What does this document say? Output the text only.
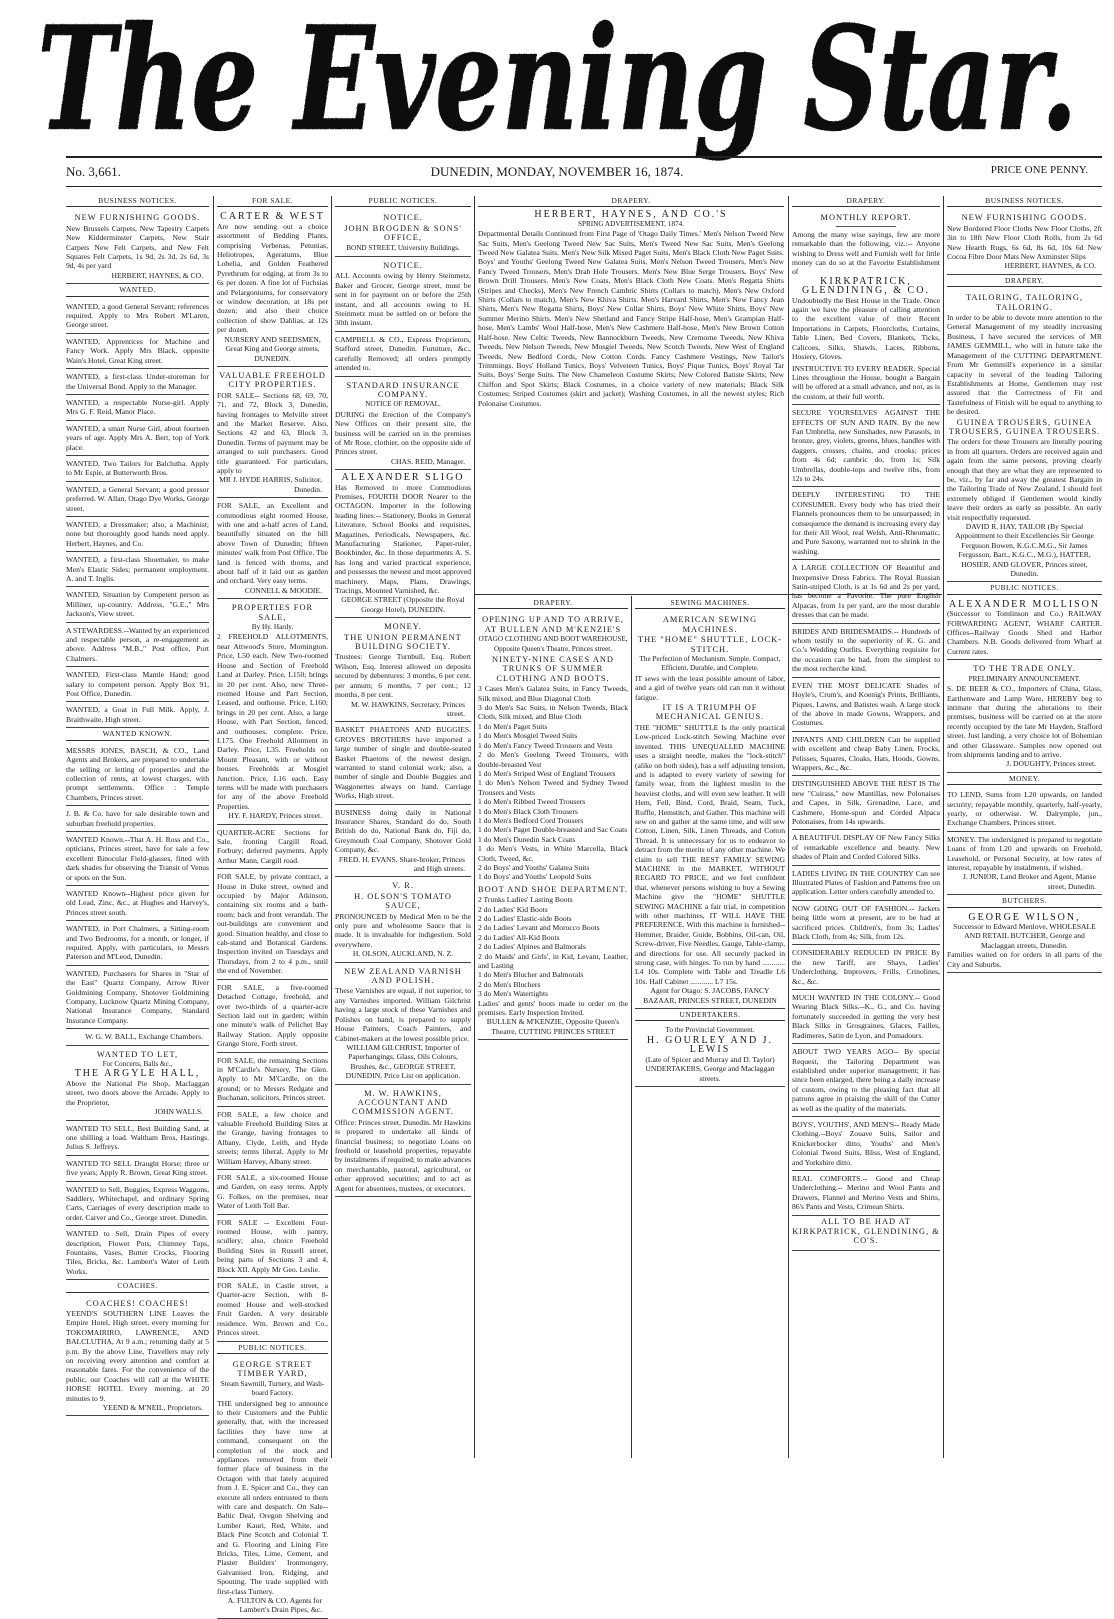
The Evening Star.
No. 3,661.	DUNEDIN, MONDAY, NOVEMBER 16, 1874.	PRICE ONE PENNY.
BUSINESS NOTICES.
NEW FURNISHING GOODS.

New Brussels Carpets, New Tapestry Carpets New Kidderminster Carpets, New Stair Carpets New Felt Carpets, and New Felt Squares Felt Carpets, 1s 9d, 2s 3d, 2s 6d, 3s 9d, 4s per yard

HERBERT, HAYNES, & CO.
WANTED.

WANTED, a good General Servant; references required. Apply to Mrs Robert M'Laren, George street.

WANTED, Apprentices for Machine and Fancy Work. Apply Mrs Black, opposite Wain's Hotel, Great King street.

WANTED, a first-class Under-storeman for the Universal Bond. Apply to the Manager.

WANTED, a respectable Nurse-girl. Apply Mrs G. F. Reid, Manor Place.

WANTED, a smart Nurse Girl, about fourteen years of age. Apply Mrs A. Bert, top of York place.

WANTED, Two Tailors for Balclutha. Apply to Mr Espie, at Butterworth Bros.

WANTED, a General Servant; a good pressor preferred. W. Allan, Otago Dye Works, George street.

WANTED, a Dressmaker; also, a Machinist; none but thoroughly good hands need apply. Herbert, Haynes, and Co.

WANTED, a first-class Shoemaker, to make Men's Elastic Sides; permanent employment. A. and T. Inglis.

WANTED, Situation by Competent person as Milliner, up-country. Address, "G.E.," Mrs Jackson's, View street.

A STEWARDESS.--Wanted by an experienced and respectable person, a re-engagement as above. Address "M.B.," Post office, Port Chalmers.

WANTED, First-class Mantle Hand; good salary to competent person. Apply Box 91, Post Office, Dunedin.

WANTED, a Goat in Full Milk. Apply, J. Braithwaite, High street.

WANTED KNOWN.

MESSRS JONES, BASCH, & CO., Land Agents and Brokers, are prepared to undertake the selling or letting of properties and the collection of rents, at lowest charges, with prompt settlements. Office : Temple Chambers, Princes street.

J. B. & Co. have for sale desirable town and suburban freehold properties.

WANTED Known.--That A. H. Ross and Co., opticians, Princes street, have for sale a few excellent Binocular Field-glasses, fitted with dark shades for observing the Transit of Venus or spots on the Sun.

WANTED Known--Highest price given for old Lead, Zinc, &c., at Hughes and Harvey's, Princes street south.

WANTED, in Port Chalmers, a Sitting-room and Two Bedrooms, for a month, or longer, if required. Apply, with particulars, to Messrs Paterson and M'Leod, Dunedin.

WANTED, Purchasers for Shares in "Star of the East" Quartz Company, Arrow River Goldmining Company, Shotover Goldmining Company, Lucknow Quartz Mining Company, National Insurance Company, Standard Insurance Company.

W. G. W. BALL, Exchange Chambers.
WANTED TO LET,
For Concerts, Balls &c.,
THE ARGYLE HALL,

Above the National Pie Shop, Maclaggan street, two doors above the Arcade. Apply to the Proprietor,

JOHN WALLS.

WANTED TO SELL, Best Building Sand, at one shilling a load. Waltham Bros, Hastings. Julius S. Jeffreys.

WANTED TO SELL Draught Horse; three or five years; Apply R. Brown, Great King street.

WANTED to Sell, Buggies, Express Waggons, Saddlery, Whitechapel, and ordinary Spring Carts, Carriages of every description made to order. Carver and Co., George street. Dunedin.

WANTED to Sell, Drain Pipes of every description, Flower Pots, Chimney Tops, Fountains, Vases, Butter Crocks, Flooring Tiles, Bricks, &c. Lambert's Water of Leith Works.

COACHES.
COACHES! COACHES!

YEEND'S SOUTHERN LINE Leaves the Empire Hotel, High street, every morning for TOKOMAIRIRO, LAWRENCE, AND BALCLUTHA, At 9 a.m.; returning daily at 5 p.m. By the above Line, Travellers may rely on receiving every attention and comfort at reasonable fares. For the convenience of the public, our Coaches will call at the WHITE HORSE HOTEL Every morning, at 20 minutes to 9.

YEEND & M'NEIL, Proprietors.
FOR SALE.
CARTER & WEST

Are now sending out a choice assortment of Bedding Plants, comprising Verbenas, Petunias, Heliotropes, Ageratums, Blue Lobelia, and Golden Feathered Pyrethrum for edging, at from 3s to 6s per dozen. A fine lot of Fuchsias and Pelargoniums, for conservatory or window decoration, at 18s per dozen; and also their choice collection of show Dahlias, at 12s per dozen.

NURSERY AND SEEDSMEN, Great King and George streets, DUNEDIN.
VALUABLE FREEHOLD CITY PROPERTIES.

FOR SALE-- Sections 68, 69, 70, 71, and 72, Block 3, Dunedin, having frontages to Melville street and the Market Reserve. Also, Sections 42 and 63, Block 3, Dunedin. Terms of payment may be arranged to suit purchasers. Good title guaranteed. For particulars, apply to

MR J. HYDE HARRIS, Solicitor, Dunedin.

FOR SALE, an Excellent and commodious eight roomed House, with one and a-half acres of Land, beautifully situated on the hill above Town of Dunedin; fifteen minutes' walk from Post Office. The land is fenced with thorns, and about half of it laid out as garden and orchard. Very easy terms.

CONNELL & MOODIE.
PROPERTIES FOR SALE,
By Hy. Hardy.

2 FREEHOLD ALLOTMENTS, near Attwood's Store, Mornington. Price, L50 each. New Two-roomed House and Section of Freehold Land at Darley. Price, L150; brings in 20 per cent. Also, new Three-roomed House and Part Section, Leased, and outhouse. Price, L160; brings in 20 per cent. Also, a large House, with Part Section, fenced, and outhouses, complete. Price, L175. One Freehold Allotment in Darley. Price, L35. Freeholds on Mount Pleasant, with or without houses. Freeholds at Mosgiel Junction. Price, L16 each. Easy terms will be made with purchasers for any of the above Freehold Properties.

HY. F. HARDY, Princes street.

QUARTER-ACRE Sections for Sale, fronting Cargill Road, Forbury; deferred payments. Apply Arthur Mann, Cargill road.

FOR SALE, by private contract, a House in Duke street, owned and occupied by Major Atkinson, containing six rooms and a bath-room; back and front verandah. The out-buildings are convenient and good. Situation healthy, and close to cab-stand and Botanical Gardens. Inspection invited on Tuesdays and Thursdays, from 2 to 4 p.m., until the end of November.

FOR SALE, a five-roomed Detached Cottage, freehold, and over two-thirds of a quarter-acre Section laid out in garden; within one minute's walk of Pelichet Bay Railway Station. Apply opposite Grange Store, Forth street.

FOR SALE, the remaining Sections in M'Cardle's Nursery, The Glen. Apply to Mr M'Cardle, on the ground; or to Messrs Redgate and Buchanan, solicitors, Princes street.

FOR SALE, a few choice and valuable Freehold Building Sites at the Grange, having frontages to Albany, Clyde, Leith, and Hyde streets; terms liberal. Apply to Mr William Harvey, Albany street.

FOR SALE, a six-roomed House and Garden, on easy terms. Apply G. Folkes, on the premises, near Water of Leith Toll Bar.

FOR SALE -- Excellent Four-roomed House, with pantry, scullery; also, choice Freehold Building Sites in Russell street, being parts of Sections 3 and 4, Block XII. Apply Mr Geo. Leslie.

FOR SALE, in Castle street, a Quarter-acre Section, with 8-roomed House and well-stocked Fruit Garden. A very desirable residence. Wm. Brown and Co., Princes street.

PUBLIC NOTICES.
GEORGE STREET TIMBER YARD,
Steam Sawmill, Turnery, and Wash-board Factory.

THE undersigned beg to announce to their Customers and the Public generally, that, with the increased facilities they have now at command, consequent on the completion of the stock and appliances removed from their former place of business in the Octagon with that lately acquired from J. E. Spicer and Co., they can execute all orders entrusted to them with care and despatch. On Sale-- Baltic Deal, Oregon Shelving and Lumber Kauri, Red, White, and Black Pine Scotch and Colonial T. and G. Flooring and Lining Fire Bricks, Tiles, Lime, Cement, and Plaster Builders' Ironmongery, Galvanised Iron, Ridging, and Spouting. The trade supplied with first-class Turnery.

A. FULTON & CO. Agents for Lambert's Drain Pipes, &c.
PUBLIC NOTICES.
NOTICE.
JOHN BROGDEN & SONS' OFFICE,
BOND STREET, University Buildings.
NOTICE.

ALL Accounts owing by Henry Steinmetz, Baker and Grocer, George street, must be sent in for payment on or before the 25th instant, and all accounts owing to H. Steinmetz must be settled on or before the 30th instant.

CAMPBELL & CO., Express Proprietors, Stafford street, Dunedin. Furniture, &c., carefully Removed; all orders promptly attended to.

STANDARD INSURANCE COMPANY.
NOTICE OF REMOVAL.

DURING the Erection of the Company's New Offices on their present site, the business will be carried on in the premises of Mr Rose, clothier, on the opposite side of Princes street.

CHAS. REID, Manager.
ALEXANDER SLIGO

Has Removed to more Commodious Premises, FOURTH DOOR Nearer to the OCTAGON. Importer in the following leading lines:-- Stationery, Books in General Literature, School Books and requisites, Magazines, Periodicals, Newspapers, &c. Manufacturing Stationer, Paper-ruler, Bookbinder, &c. In those departments A. S. has long and varied practical experience, and possesses the newest and most approved machinery. Maps, Plans, Drawings, Tracings, Mounted Varnished, &c.

GEORGE STREET (Opposite the Royal George Hotel), DUNEDIN.
MONEY.
THE UNION PERMANENT BUILDING SOCIETY.

Trustees: George Turnbull, Esq. Robert Wilson, Esq. Interest allowed on deposits secured by debentures: 3 months, 6 per cent. per annum; 6 months, 7 per cent.; 12 months, 8 per cent.

M. W. HAWKINS, Secretary, Princes street.

BASKET PHAETONS AND BUGGIES. GROVES BROTHERS have imported a large number of single and double-seated Basket Phaetons of the newest design, warranted to stand colonial work; also, a number of single and Double Buggies and Waggonettes always on hand. Carriage Works, High street.

BUSINESS doing daily in National Insurance Shares, Standard do do, South British do do, National Bank do, Fiji do, Greymouth Coal Company, Shotover Gold Company, &c.

FRED. H. EVANS, Share-broker, Princes and High streets.
V. R.
H. OLSON'S TOMATO SAUCE,

PRONOUNCED by Medical Men to be the only pure and wholesome Sauce that is made. It is invaluable for indigestion. Sold everywhere.

H. OLSON, AUCKLAND, N. Z.
NEW ZEALAND VARNISH AND POLISH.

These Varnishes are equal, if not superior, to any Varnishes imported. William Gilchrist having a large stock of these Varnishes and Polishes on hand, is prepared to supply House Painters, Coach Painters, and Cabinet-makers at the lowest possible price.

WILLIAM GILCHRIST, Importer of Paperhangings, Glass, Oils Colours, Brushes, &c., GEORGE STREET, DUNEDIN. Price List on application.
M. W. HAWKINS, ACCOUNTANT AND COMMISSION AGENT.

Office: Princes street, Dunedin. Mr Hawkins is prepared to undertake all kinds of financial business; to negotiate Loans on freehold or leasehold properties, repayable by instalments if required; to make advances on merchantable, pastoral, agricultural, or other approved securities; and to act as Agent for absentees, trustees, or executors.

DRAPERY.
HERBERT, HAYNES, AND CO.'S
SPRING ADVERTISEMENT, 1874.

Departmental Details Continued from First Page of 'Otago Daily Times.' Men's Nelson Tweed New Sac Suits, Men's Geelong Tweed New Sac Suits, Men's Tweed New Sac Suits, Men's Geelong Tweed New Galatea Suits. Men's New Silk Mixed Paget Suits, Men's Black Cloth New Paget Suits. Boys' and Youths' Geelong Tweed New Galatea Suits, Men's Nelson Tweed Trousers, Men's New Fancy Tweed Trousers, Men's Drab Hole Trousers. Men's New Blue Serge Trousers. Boys' New Brown Drill Trousers. Men's New Coats, Men's Black Cloth New Coats. Men's Regatta Shirts (Stripes and Checks), Men's New French Cambric Shirts (Collars to match), Men's New Oxford Shirts (Collars to match), Men's New Khiva Shirts. Men's Harvard Shirts, Men's New Fancy Jean Shirts, Men's New Regatta Shirts, Boys' New Collar Shirts, Boys' New White Shirts, Boys' New Summer Merino Shirts. Men's New Shetland and Fancy Stripe Half-hose, Men's Grampian Half-hose, Men's Lambs' Wool Half-hose, Men's New Cashmere Half-hose, Men's New Brown Cotton Half-hose. New Celtic Tweeds, New Bannockburn Tweeds, New Cremorne Tweeds, New Khiva Tweeds, New Nelson Tweeds, New Mosgiel Tweeds, New Scotch Tweeds, New West of England Tweeds, New Bedford Cords, New Cotton Cords. Fancy Cashmere Vestings, New Tailor's Trimmings. Boys' Holland Tunics, Boys' Velveteen Tunics, Boys' Pique Tunics, Boys' Royal Tar Suits, Boys' Serge Suits. The New Chameleon Costume Skirts; New Colored Batiste Skirts; New Chiffon and Spot Skirts; Black Costumes, in a choice variety of new materials; Black Silk Costumes; Striped Costumes (skirt and jacket); Washing Costumes, in all the newest styles; Rich Polonaise Costumes.

DRAPERY.
OPENING UP AND TO ARRIVE, AT BULLEN AND M'KENZIE'S
OTAGO CLOTHING AND BOOT WAREHOUSE, Opposite Queen's Theatre, Princes street.
NINETY-NINE CASES AND TRUNKS OF SUMMER CLOTHING AND BOOTS.

3 Cases Men's Galatea Suits, in Fancy Tweeds, Silk mixed, and Blue Diagonal Cloth

3 do Men's Sac Suits, in Nelson Tweeds, Black Cloth, Silk mixed, and Blue Cloth

1 do Men's Paget Suits

1 do Men's Mosgiel Tweed Suits

1 do Men's Fancy Tweed Trousers and Vests

2 do Men's Geelong Tweed Trousers, with double-breasted Vest

1 do Men's Striped West of England Trousers

1 do Men's Nelson Tweed and Sydney Tweed Trousers and Vests

1 do Men's Ribbed Tweed Trousers

1 do Men's Black Cloth Trousers

1 do Men's Bedford Cord Trousers

1 do Men's Paget Double-breasted and Sac Coats

1 do Men's Dunedin Sack Coats

1 do Men's Vests, in White Marcella, Black Cloth, Tweed, &c.

2 do Boys' and Youths' Galatea Suits

1 do Boys' and Youths' Leopold Suits

BOOT AND SHOE DEPARTMENT.

2 Trunks Ladies' Lasting Boots

2 do Ladies' Kid Boots

2 do Ladies' Elastic-side Boots

2 do Ladies' Levant and Morocco Boots

2 do Ladies' All-Kid Boots

2 do Ladies' Alpines and Balmorals

2 do Maids' and Girls', in Kid, Levant, Leather, and Lasting

1 do Men's Blucher and Balmorals

2 do Men's Bluchers

3 do Men's Watertights

Ladies' and gents' boots made to order on the premises. Early Inspection Invited.

BULLEN & M'KENZIE, Opposite Queen's Theatre, CUTTING PRINCES STREET
SEWING MACHINES.
AMERICAN SEWING MACHINES.
THE "HOME" SHUTTLE, LOCK-STITCH.
The Perfection of Mechanism. Simple, Compact, Efficient, Durable, and Complete.

IT sews with the least possible amount of labor, and a girl of twelve years old can run it without fatigue.

IT IS A TRIUMPH OF MECHANICAL GENIUS.

THE "HOME" SHUTTLE Is the only practical Low-priced Lock-stitch Sewing Machine ever invented. THIS UNEQUALLED MACHINE uses a straight needle, makes the "lock-stitch" (alike on both sides), has a self adjusting tension, and is adapted to every variety of sewing for family wear, from the lightest muslin to the heaviest cloths, and will even sew leather. It will Hem, Fell, Bind, Cord, Braid, Seam, Tuck, Ruffle, Hemstitch, and Gather. This machine will sew on and gather at the same time, and will sew Cotton, Linen, Silk, Linen Threads, and Cotton Thread. It is unnecessary for us to endeavor to detract from the merits of any other machine. We claim to sell THE BEST FAMILY SEWING MACHINE in the MARKET, WITHOUT REGARD TO PRICE, and we feel confident that, whenever persons wishing to buy a Sewing Machine give the "HOME" SHUTTLE SEWING MACHINE a fair trial, in competition with other machines, IT WILL HAVE THE PREFERENCE. With this machine is furnished--Hemmer, Braider, Guide, Bobbins, Oil-can, Oil, Screw-driver, Five Needles, Gauge, Table-clamp, and directions for use. All securely packed in strong case, with hinges. To run by hand ............ L4 10s. Complete with Table and Treadle L6 10s. Half Cabinet ............ L7 15s.

Agent for Otago: S. JACOBS, FANCY BAZAAR, PRINCES STREET, DUNEDIN
UNDERTAKERS.
To the Provincial Government.
H. GOURLEY AND J. LEWIS
(Late of Spicer and Murray and D. Taylor) UNDERTAKERS, George and Maclaggan streets.
DRAPERY.
MONTHLY REPORT.

Among the many wise sayings, few are more remarkable than the following, viz.:-- Anyone wishing to Dress well and Furnish well for little money can do so at the Favorite Establishment of

KIRKPATRICK, GLENDINING, & CO.

Undoubtedly the Best House in the Trade. Once again we have the pleasure of calling attention to the excellent value of their Recent Importations in Carpets, Floorcloths, Curtains, Table Linen, Bed Covers, Blankets, Ticks, Calicoes, Silks, Shawls, Laces, Ribbons, Hosiery, Gloves.

INSTRUCTIVE TO EVERY READER. Special Lines throughout the House, bought a Bargain will be offered at a small advance, and not, as is the custom, at their full worth.

SECURE YOURSELVES AGAINST THE EFFECTS OF SUN AND RAIN. By the new Fan Umbrella, new Sunshades, new Parasols, in bronze, grey, violets, greens, blues, handles with daggers, crosses, chains, and crooks; prices from 4s 6d; cambric do, from 1s; Silk Umbrellas, double-tops and twelve ribs, from 12s to 24s.

DEEPLY INTERESTING TO THE CONSUMER. Every body who has tried their Flannels pronounces them to be unsurpassed; in consequence the demand is increasing every day for their All Wool, real Welsh, Anti-Rheumatic, and Pure Saxony, warranted not to shrink in the washing.

A LARGE COLLECTION OF Beautiful and Inexpensive Dress Fabrics. The Royal Russian Satin-striped Cloth, is at 1s 6d and 2s per yard, has become a Favorite. The pure English Alpacas, from 1s per yard, are the most durable dresses that can be made.

BRIDES AND BRIDESMAIDS.-- Hundreds of whom testify to the superiority of K. G. and Co.'s Wedding Outfits. Everything requisite for the occasion can be had, from the simplest to the most recherche kind.

EVEN THE MOST DELICATE Shades of Hoyle's, Crum's, and Koenig's Prints, Brilliants, Piques, Lawns, and Batistes wash. A large stock of the above in made Gowns, Wrappers, and Costumes.

INFANTS AND CHILDREN Can be supplied with excellent and cheap Baby Linen, Frocks, Pelisses, Squares, Cloaks, Hats, Hoods, Gowns, Wrappers, &c., &c.

DISTINGUISHED ABOVE THE REST IS The new "Cuirass," new Mantillas, new Polonaises and Capes, in Silk, Grenadine, Lace, and Cashmere, Home-spun and Corded Alpaca Polonaises, from 14s upwards.

A BEAUTIFUL DISPLAY OF New Fancy Silks of remarkable excellence and beauty. New shades of Plain and Corded Colored Silks.

LADIES LIVING IN THE COUNTRY Can see Illustrated Plates of Fashion and Patterns free on application. Letter orders carefully attended to.

NOW GOING OUT OF FASHION.-- Jackets being little worn at present, are to be had at sacrificed prices. Children's, from 3s; Ladies' Black Cloth, from 4s; Silk, from 12s.

CONSIDERABLY REDUCED IN PRICE By the new Tariff, are Shays, Ladies' Underclothing, Improvers, Frills, Crinolines, &c., &c.

MUCH WANTED IN THE COLONY.-- Good Wearing Black Silks.--K., G., and Co. having fortunately succeeded in getting the very best Black Silks in Grosgraines, Glaces, Failles, Radimeres, Satin de Lyon, and Pomadours.

ABOUT TWO YEARS AGO-- By special Request, the Tailoring Department was established under superior management; it has since been enlarged, there being a daily increase of custom, owing to the pleasing fact that all patrons agree in praising the skill of the Cutter as well as the quality of the materials.

BOYS', YOUTHS', AND MEN'S-- Ready Made Clothing.--Boys' Zouave Suits, Sailor and Knickerbocker ditto, Youths' and Men's Colonial Tweed Suits, Bliss, West of England, and Yorkshire ditto.

REAL COMFORTS.-- Good and Cheap Underclothing.-- Merino and Wool Pants and Drawers, Flannel and Merino Vests and Shirts, 86's Pants and Vests, Crimean Shirts.

ALL TO BE HAD AT
KIRKPATRICK, GLENDINING, & CO'S.
BUSINESS NOTICES.
NEW FURNISHING GOODS.

New Bordered Floor Cloths New Floor Cloths, 2ft 3in to 18ft New Floor Cloth Rolls, from 2s 6d New Hearth Rugs, 6s 6d, 8s 6d, 10s 6d New Cocoa Fibre Door Mats New Axminster Slips

HERBERT, HAYNES, & CO.
DRAPERY.
TAILORING, TAILORING, TAILORING.

In order to be able to devote more attention to the General Management of my steadily increasing Business, I have secured the services of MR JAMES GEMMILL, who will in future take the Management of the CUTTING DEPARTMENT. From Mr Gemmill's experience in a similar capacity in several of the leading Tailoring Establishments at Home, Gentlemen may rest assured that the Correctness of Fit and Tastefulness of Finish will be equal to anything to be desired.

GUINEA TROUSERS, GUINEA TROUSERS, GUINEA TROUSERS.

The orders for these Trousers are literally pouring in from all quarters. Orders are received again and again from the same persons, proving clearly enough that they are what they are represented to be, viz., by far and away the greatest Bargain in the Tailoring Trade of New Zealand. I should feel extremely obliged if Gentlemen would kindly leave their orders as early as possible. An early visit respectfully requested.

DAVID R. HAY, TAILOR (By Special Appointment to their Excellencies Sir George Ferguson Bowen, K.G.C.M.G., Sir James Fergusson, Bart., K.G.C., M.G.), HATTER, HOSIER, AND GLOVER, Princes street, Dunedin.
PUBLIC NOTICES.
ALEXANDER MOLLISON

(Successor to Tomlinson and Co.) RAILWAY FORWARDING AGENT, WHARF CARTER. Offices--Railway Goods Shed and Harbor Chambers. N.B. Goods delivered from Wharf at Current rates.

TO THE TRADE ONLY.
PRELIMINARY ANNOUNCEMENT.

S. DE BEER & CO., Importers of China, Glass, Earthenware and Lamp Ware, HEREBY beg to intimate that during the alterations to their premises, business will be carried on at the store recently occupied by the late Mr Hayden, Stafford street. Just landing, a very choice lot of Bohemian and other Glassware. Samples now opened out from shipments landing and to arrive.

J. DOUGHTY, Princes street.
MONEY.

TO LEND, Sums from L20 upwards, on landed security; repayable monthly, quarterly, half-yearly, yearly, or otherwise. W. Dalrymple, jun., Exchange Chambers, Princes street.

MONEY. The undersigned is prepared to negotiate Loans of from L20 and upwards on Freehold, Leasehold, or Personal Security, at low rates of interest, repayable by instalments, if wished.

J. JUNIOR, Land Broker and Agent, Manse street, Dunedin.
BUTCHERS.
GEORGE WILSON,
Successor to Edward Menlove, WHOLESALE AND RETAIL BUTCHER, George and Maclaggan streets, Dunedin.

Families waited on for orders in all parts of the City and Suburbs.
